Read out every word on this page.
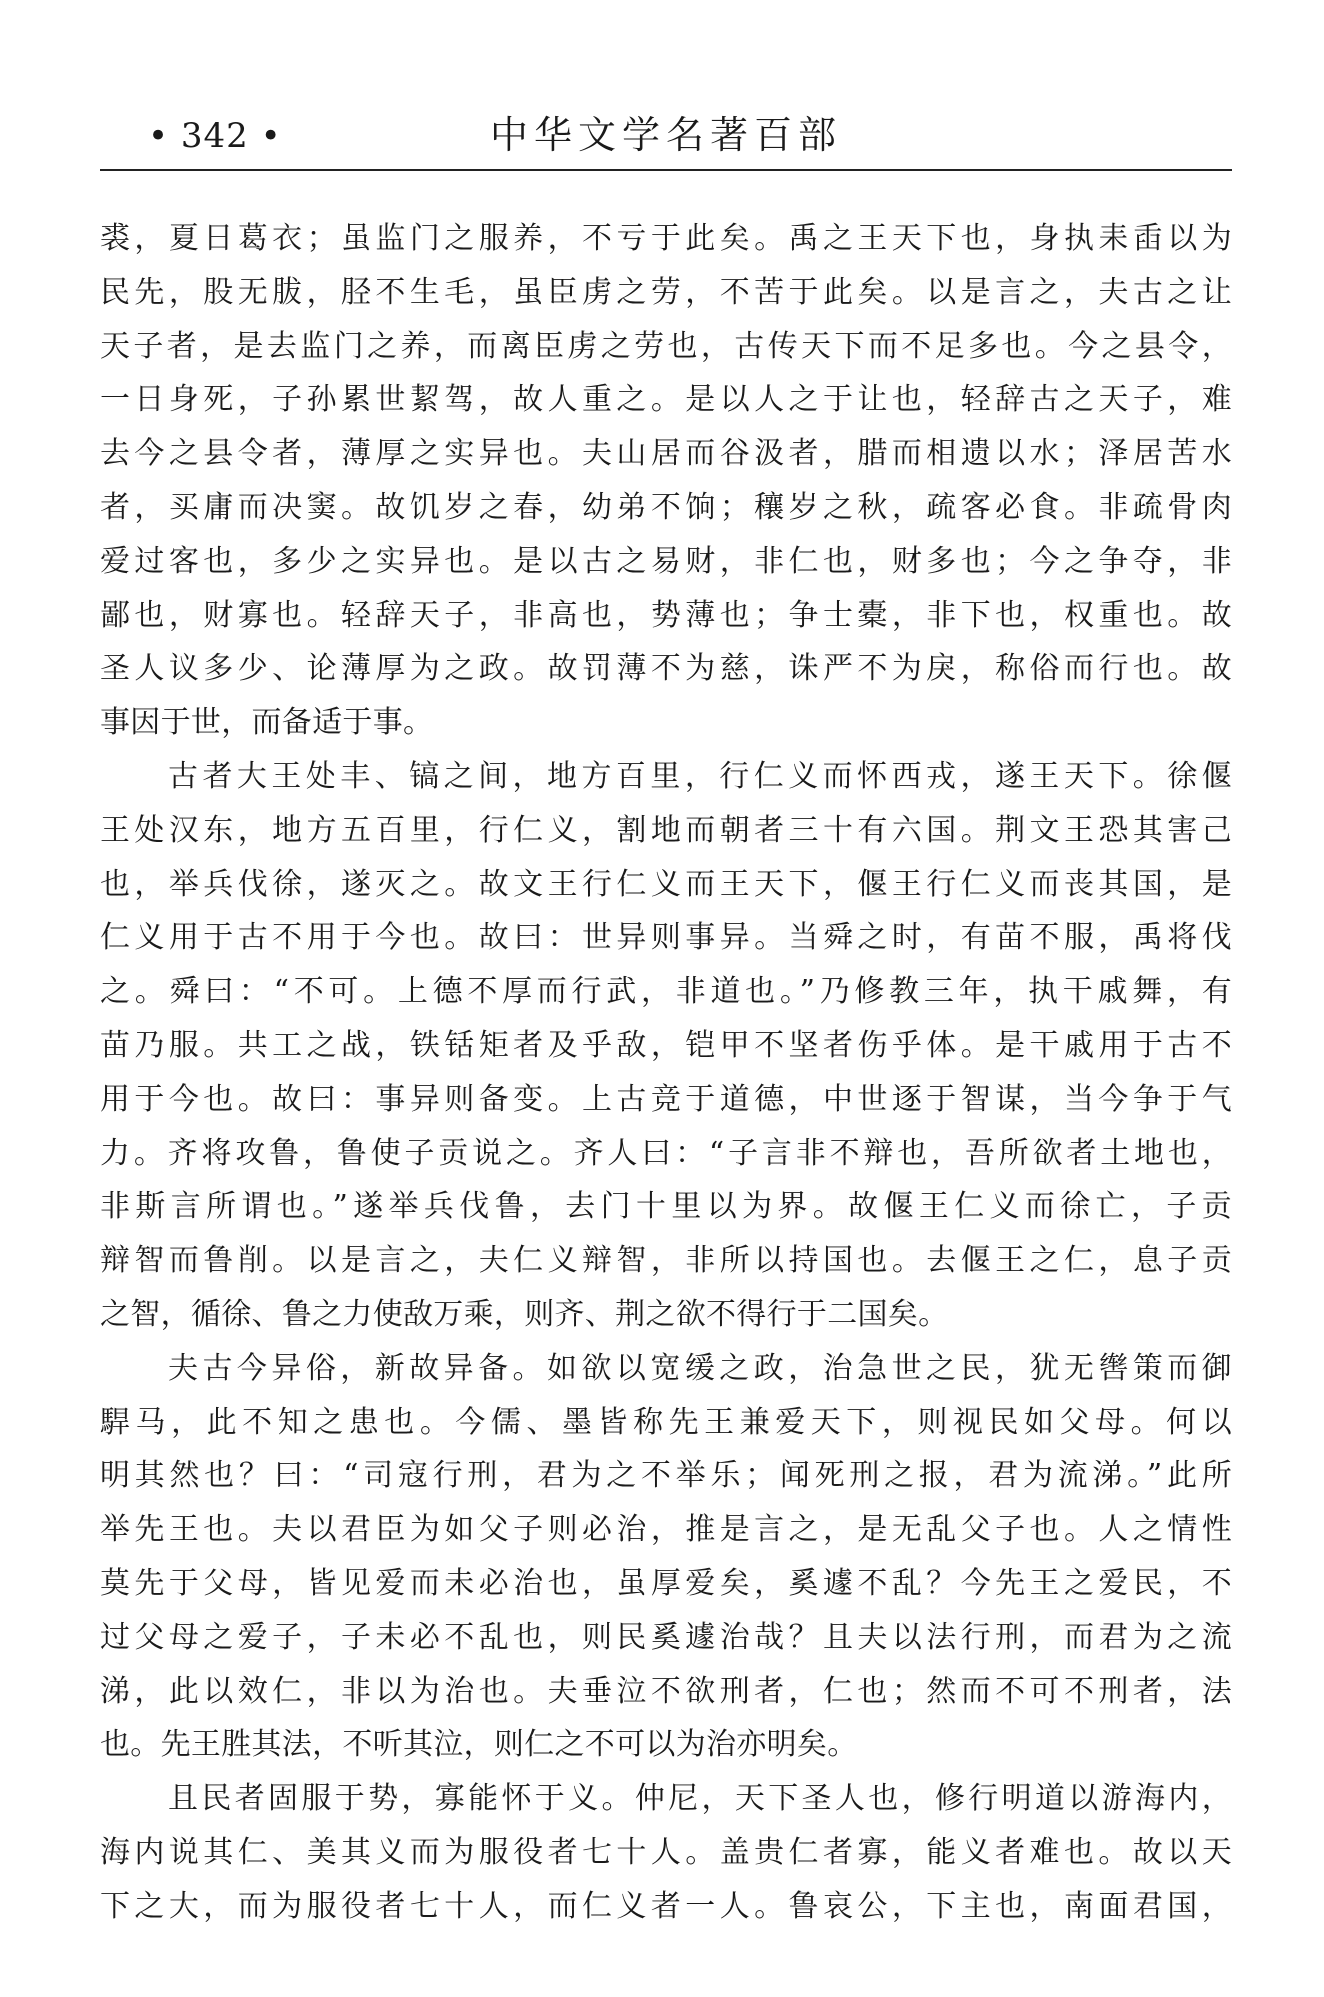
• 342 •	中华文学名著百部
裘，夏日葛衣；虽监门之服养，不亏于此矣。禹之王天下也，身执耒臿以为
民先，股无胈，胫不生毛，虽臣虏之劳，不苦于此矣。以是言之，夫古之让
天子者，是去监门之养，而离臣虏之劳也，古传天下而不足多也。今之县令，
一日身死，子孙累世絜驾，故人重之。是以人之于让也，轻辞古之天子，难
去今之县令者，薄厚之实异也。夫山居而谷汲者，腊而相遗以水；泽居苦水
者，买庸而决窦。故饥岁之春，幼弟不饷；穰岁之秋，疏客必食。非疏骨肉
爱过客也，多少之实异也。是以古之易财，非仁也，财多也；今之争夺，非
鄙也，财寡也。轻辞天子，非高也，势薄也；争士橐，非下也，权重也。故
圣人议多少、论薄厚为之政。故罚薄不为慈，诛严不为戾，称俗而行也。故
事因于世，而备适于事。
古者大王处丰、镐之间，地方百里，行仁义而怀西戎，遂王天下。徐偃
王处汉东，地方五百里，行仁义，割地而朝者三十有六国。荆文王恐其害己
也，举兵伐徐，遂灭之。故文王行仁义而王天下，偃王行仁义而丧其国，是
仁义用于古不用于今也。故曰：世异则事异。当舜之时，有苗不服，禹将伐
之。舜曰：“不可。上德不厚而行武，非道也。”乃修教三年，执干戚舞，有
苗乃服。共工之战，铁铦矩者及乎敌，铠甲不坚者伤乎体。是干戚用于古不
用于今也。故曰：事异则备变。上古竞于道德，中世逐于智谋，当今争于气
力。齐将攻鲁，鲁使子贡说之。齐人曰：“子言非不辩也，吾所欲者土地也，
非斯言所谓也。”遂举兵伐鲁，去门十里以为界。故偃王仁义而徐亡，子贡
辩智而鲁削。以是言之，夫仁义辩智，非所以持国也。去偃王之仁，息子贡
之智，循徐、鲁之力使敌万乘，则齐、荆之欲不得行于二国矣。
夫古今异俗，新故异备。如欲以宽缓之政，治急世之民，犹无辔策而御
駻马，此不知之患也。今儒、墨皆称先王兼爱天下，则视民如父母。何以
明其然也？曰：“司寇行刑，君为之不举乐；闻死刑之报，君为流涕。”此所
举先王也。夫以君臣为如父子则必治，推是言之，是无乱父子也。人之情性
莫先于父母，皆见爱而未必治也，虽厚爱矣，奚遽不乱？今先王之爱民，不
过父母之爱子，子未必不乱也，则民奚遽治哉？且夫以法行刑，而君为之流
涕，此以效仁，非以为治也。夫垂泣不欲刑者，仁也；然而不可不刑者，法
也。先王胜其法，不听其泣，则仁之不可以为治亦明矣。
且民者固服于势，寡能怀于义。仲尼，天下圣人也，修行明道以游海内，
海内说其仁、美其义而为服役者七十人。盖贵仁者寡，能义者难也。故以天
下之大，而为服役者七十人，而仁义者一人。鲁哀公，下主也，南面君国，
